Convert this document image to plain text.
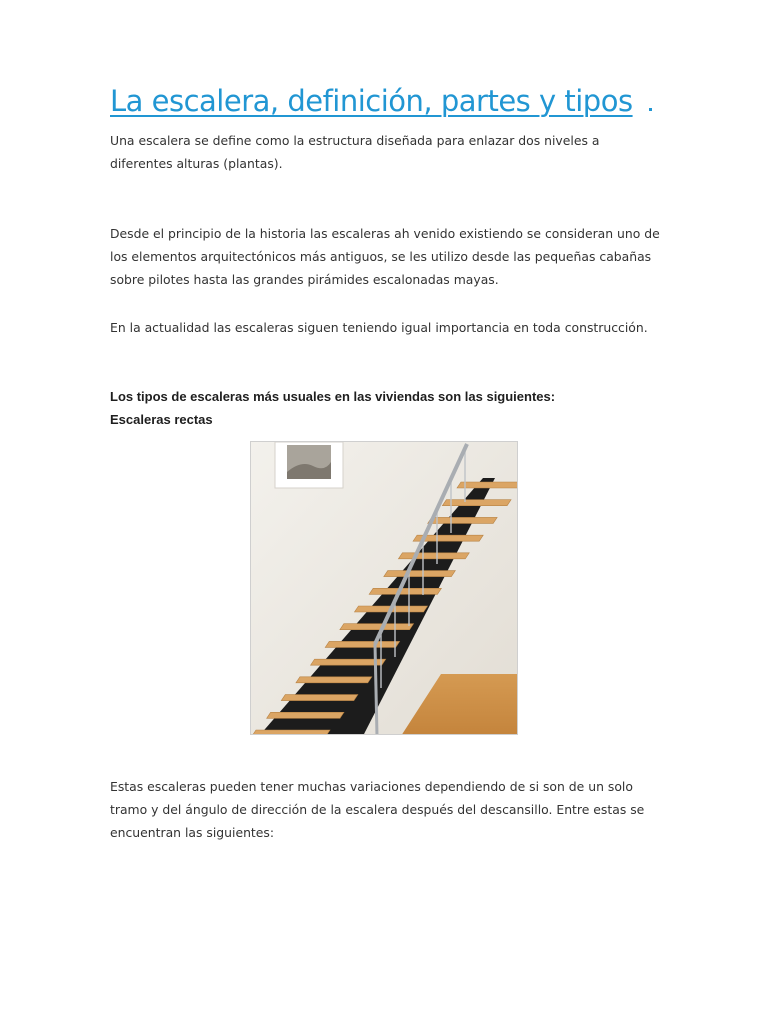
La escalera, definición, partes y tipos

Una escalera se define como la estructura diseñada para enlazar dos niveles a diferentes alturas (plantas).

Desde el principio de la historia las escaleras ah venido existiendo se consideran uno de los elementos arquitectónicos más antiguos, se les utilizo desde las pequeñas cabañas sobre pilotes hasta las grandes pirámides escalonadas mayas.

En la actualidad las escaleras siguen teniendo igual importancia en toda construcción.

Los tipos de escaleras más usuales en las viviendas son las siguientes:

Escaleras rectas

Estas escaleras pueden tener muchas variaciones dependiendo de si son de un solo tramo y del ángulo de dirección de la escalera después del descansillo. Entre estas se encuentran las siguientes:
